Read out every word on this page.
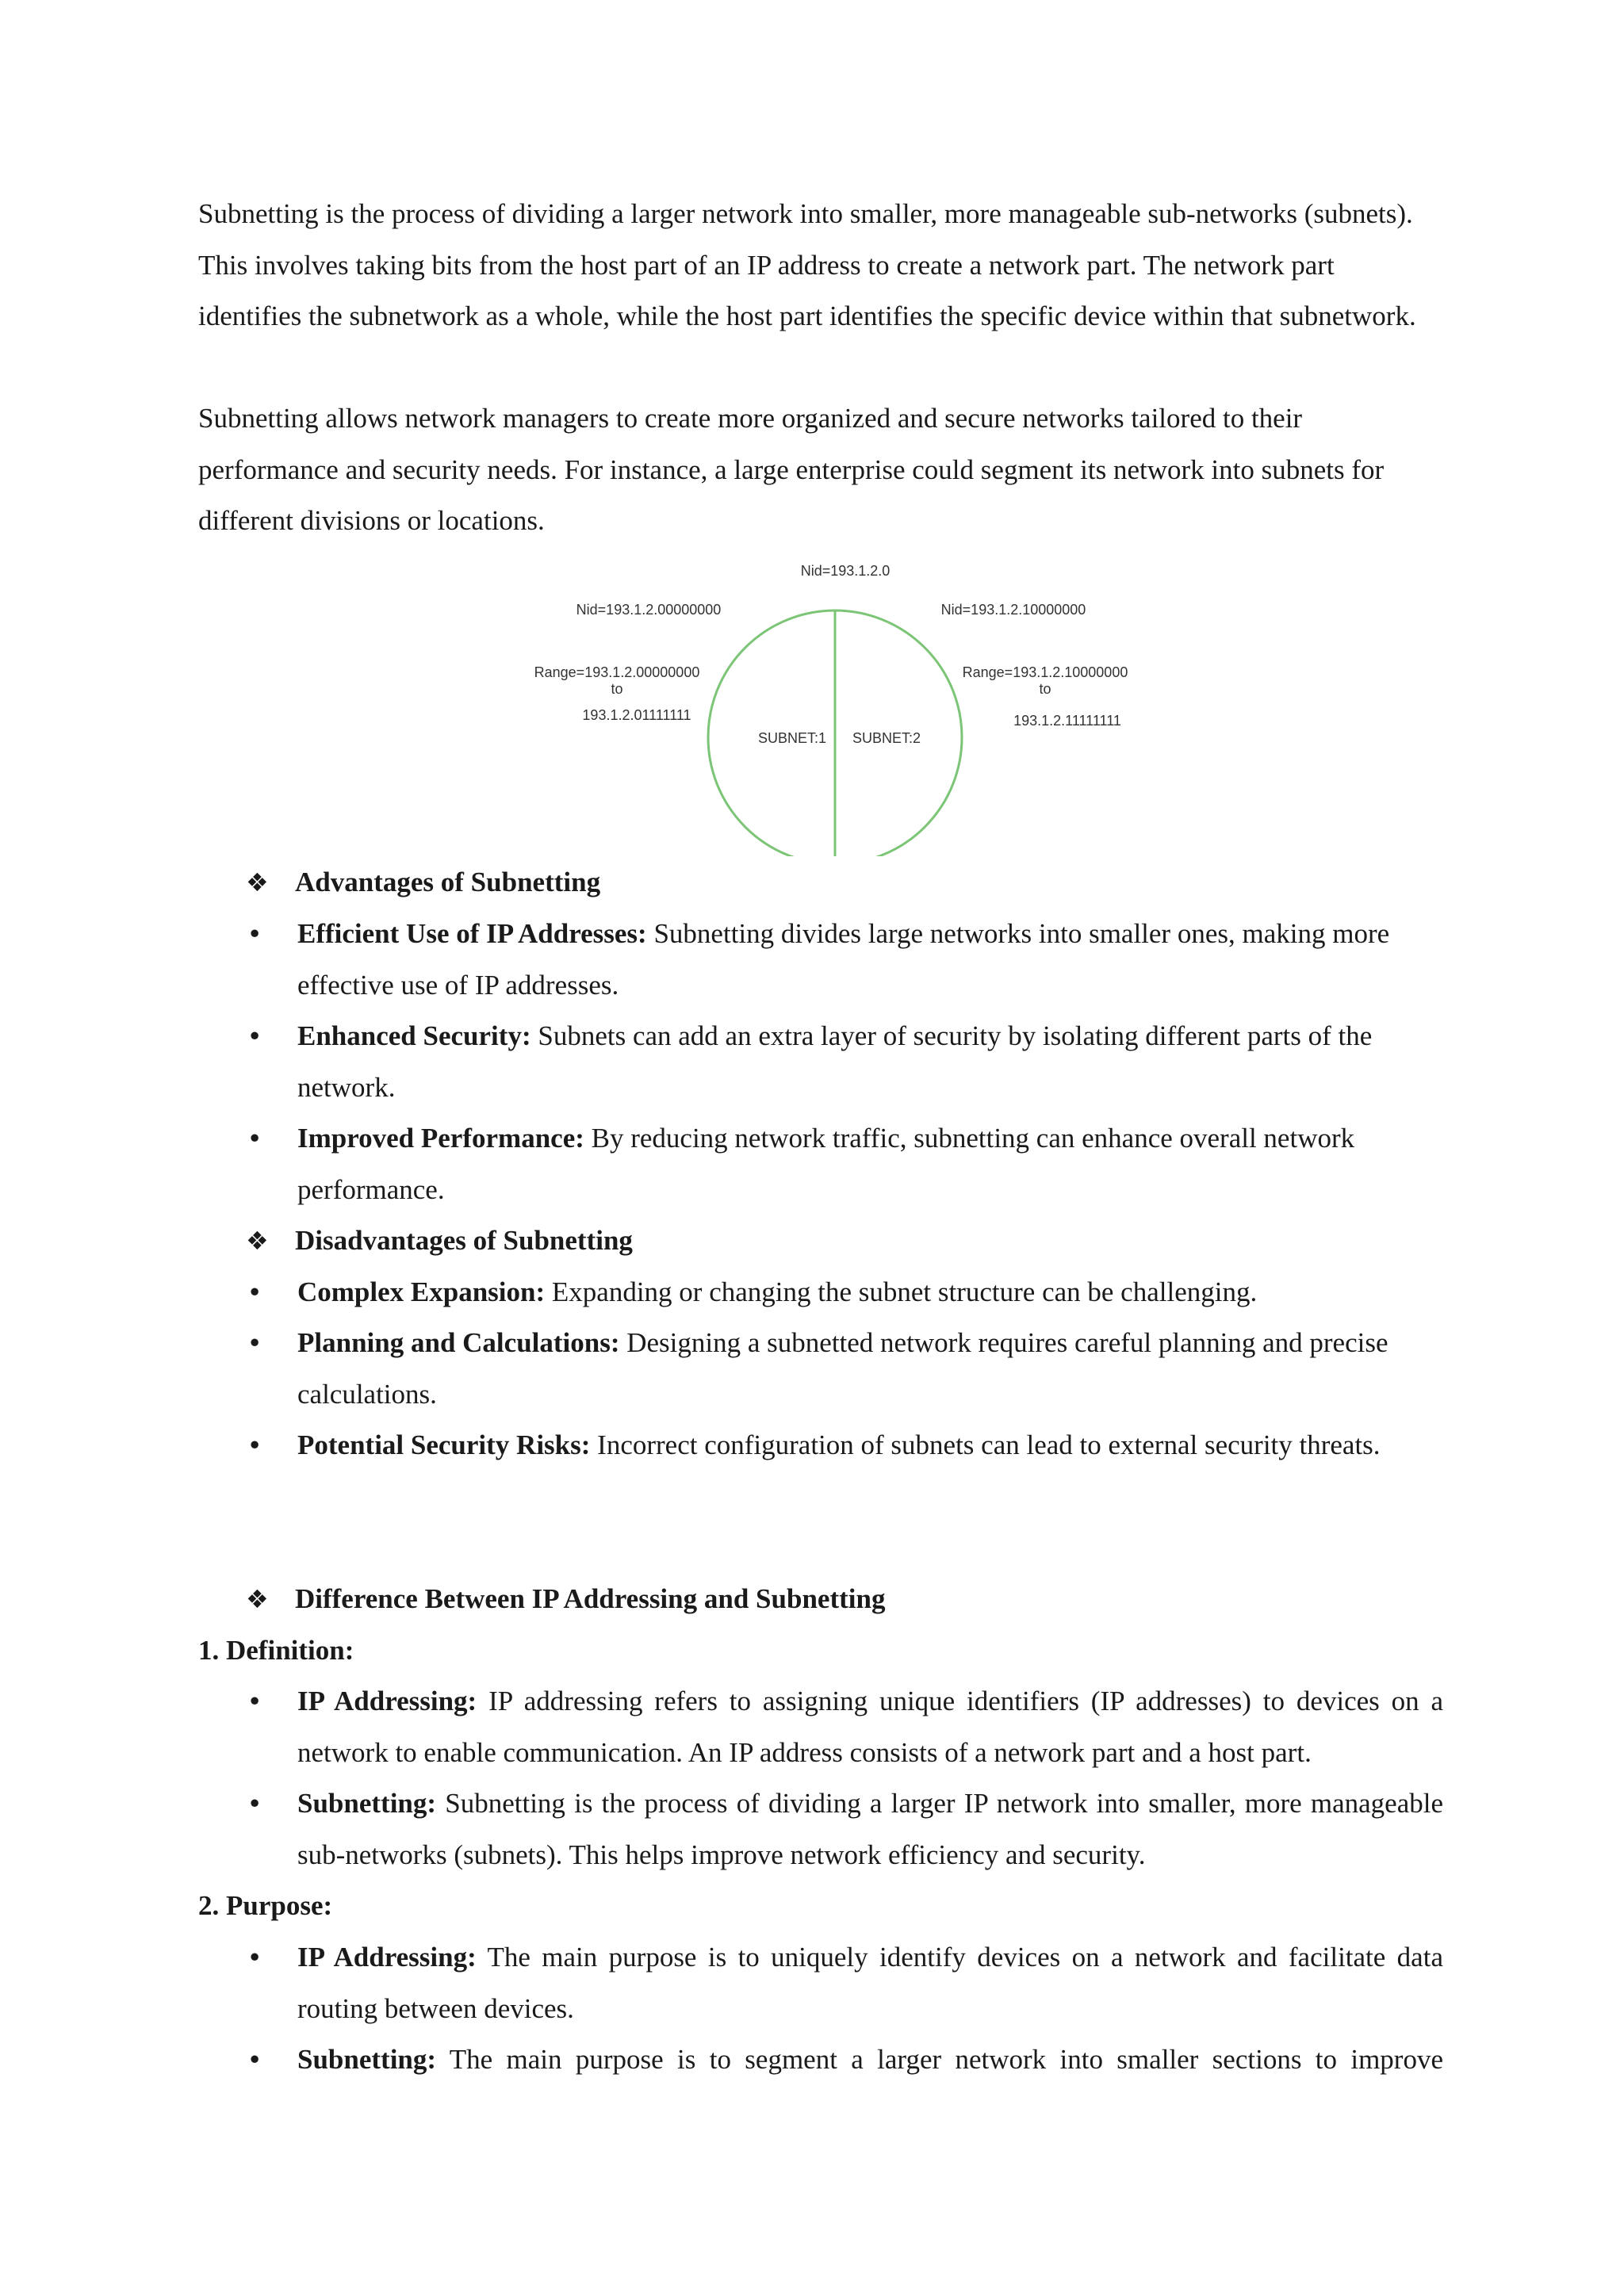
Subnetting is the process of dividing a larger network into smaller, more manageable sub-networks (subnets). This involves taking bits from the host part of an IP address to create a network part. The network part identifies the subnetwork as a whole, while the host part identifies the specific device within that subnetwork.

Subnetting allows network managers to create more organized and secure networks tailored to their performance and security needs. For instance, a large enterprise could segment its network into subnets for different divisions or locations.

Nid=193.1.2.0
Nid=193.1.2.00000000	Nid=193.1.2.10000000
Range=193.1.2.00000000
to
193.1.2.01111111
Range=193.1.2.10000000
to
193.1.2.11111111
SUBNET:1 SUBNET:2

❖ Advantages of Subnetting

• Efficient Use of IP Addresses: Subnetting divides large networks into smaller ones, making more effective use of IP addresses.
• Enhanced Security: Subnets can add an extra layer of security by isolating different parts of the network.
• Improved Performance: By reducing network traffic, subnetting can enhance overall network performance.

❖ Disadvantages of Subnetting

• Complex Expansion: Expanding or changing the subnet structure can be challenging.
• Planning and Calculations: Designing a subnetted network requires careful planning and precise calculations.
• Potential Security Risks: Incorrect configuration of subnets can lead to external security threats.

❖ Difference Between IP Addressing and Subnetting

1. Definition:

• IP Addressing: IP addressing refers to assigning unique identifiers (IP addresses) to devices on a network to enable communication. An IP address consists of a network part and a host part.
• Subnetting: Subnetting is the process of dividing a larger IP network into smaller, more manageable sub-networks (subnets). This helps improve network efficiency and security.

2. Purpose:

• IP Addressing: The main purpose is to uniquely identify devices on a network and facilitate data routing between devices.
• Subnetting: The main purpose is to segment a larger network into smaller sections to improve
